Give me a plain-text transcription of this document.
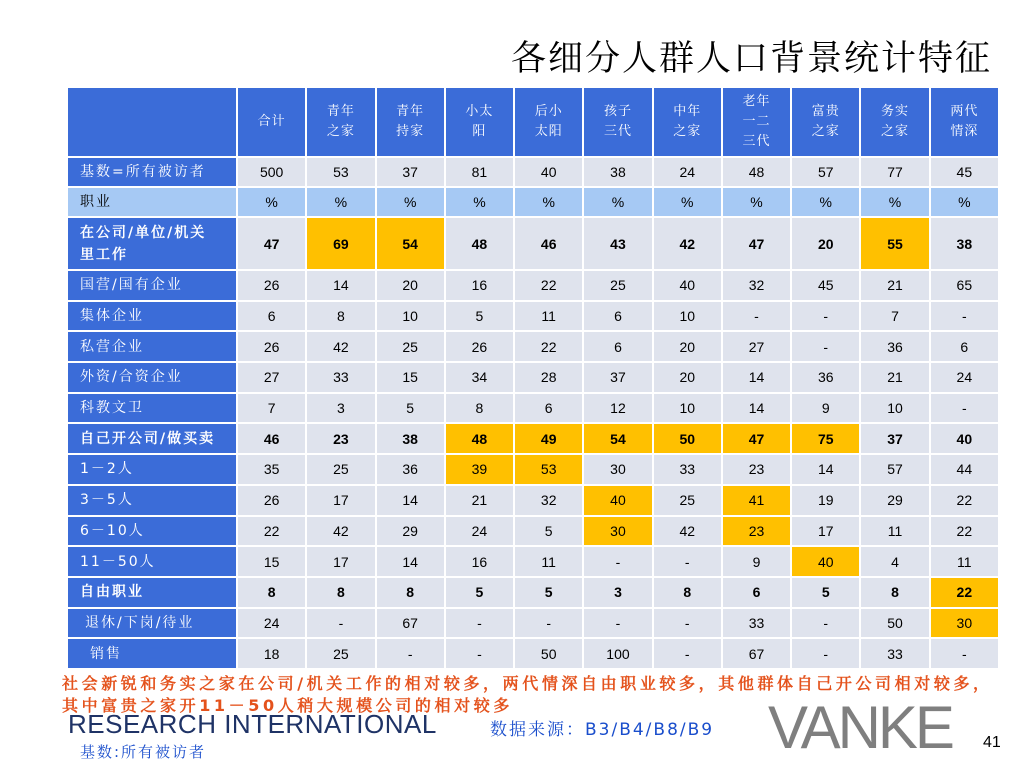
各细分人群人口背景统计特征
	合计	青年之家	青年持家	小太阳	后小太阳	孩子三代	中年之家	老年一二三代	富贵之家	务实之家	两代情深
基数=所有被访者	500	53	37	81	40	38	24	48	57	77	45
职业	%	%	%	%	%	%	%	%	%	%	%
在公司/单位/机关里工作	47	69	54	48	46	43	42	47	20	55	38
国营/国有企业	26	14	20	16	22	25	40	32	45	21	65
集体企业	6	8	10	5	11	6	10	-	-	7	-
私营企业	26	42	25	26	22	6	20	27	-	36	6
外资/合资企业	27	33	15	34	28	37	20	14	36	21	24
科教文卫	7	3	5	8	6	12	10	14	9	10	-
自己开公司/做买卖	46	23	38	48	49	54	50	47	75	37	40
1－2人	35	25	36	39	53	30	33	23	14	57	44
3－5人	26	17	14	21	32	40	25	41	19	29	22
6－10人	22	42	29	24	5	30	42	23	17	11	22
11－50人	15	17	14	16	11	-	-	9	40	4	11
自由职业	8	8	8	5	5	3	8	6	5	8	22
退休/下岗/待业	24	-	67	-	-	-	-	33	-	50	30
销售	18	25	-	-	50	100	-	67	-	33	-
社会新锐和务实之家在公司/机关工作的相对较多，两代情深自由职业较多，其他群体自己开公司相对较多，其中富贵之家开11－50人稍大规模公司的相对较多
RESEARCH INTERNATIONAL	数据来源：B3/B4/B8/B9 VANKE 41
基数:所有被访者
